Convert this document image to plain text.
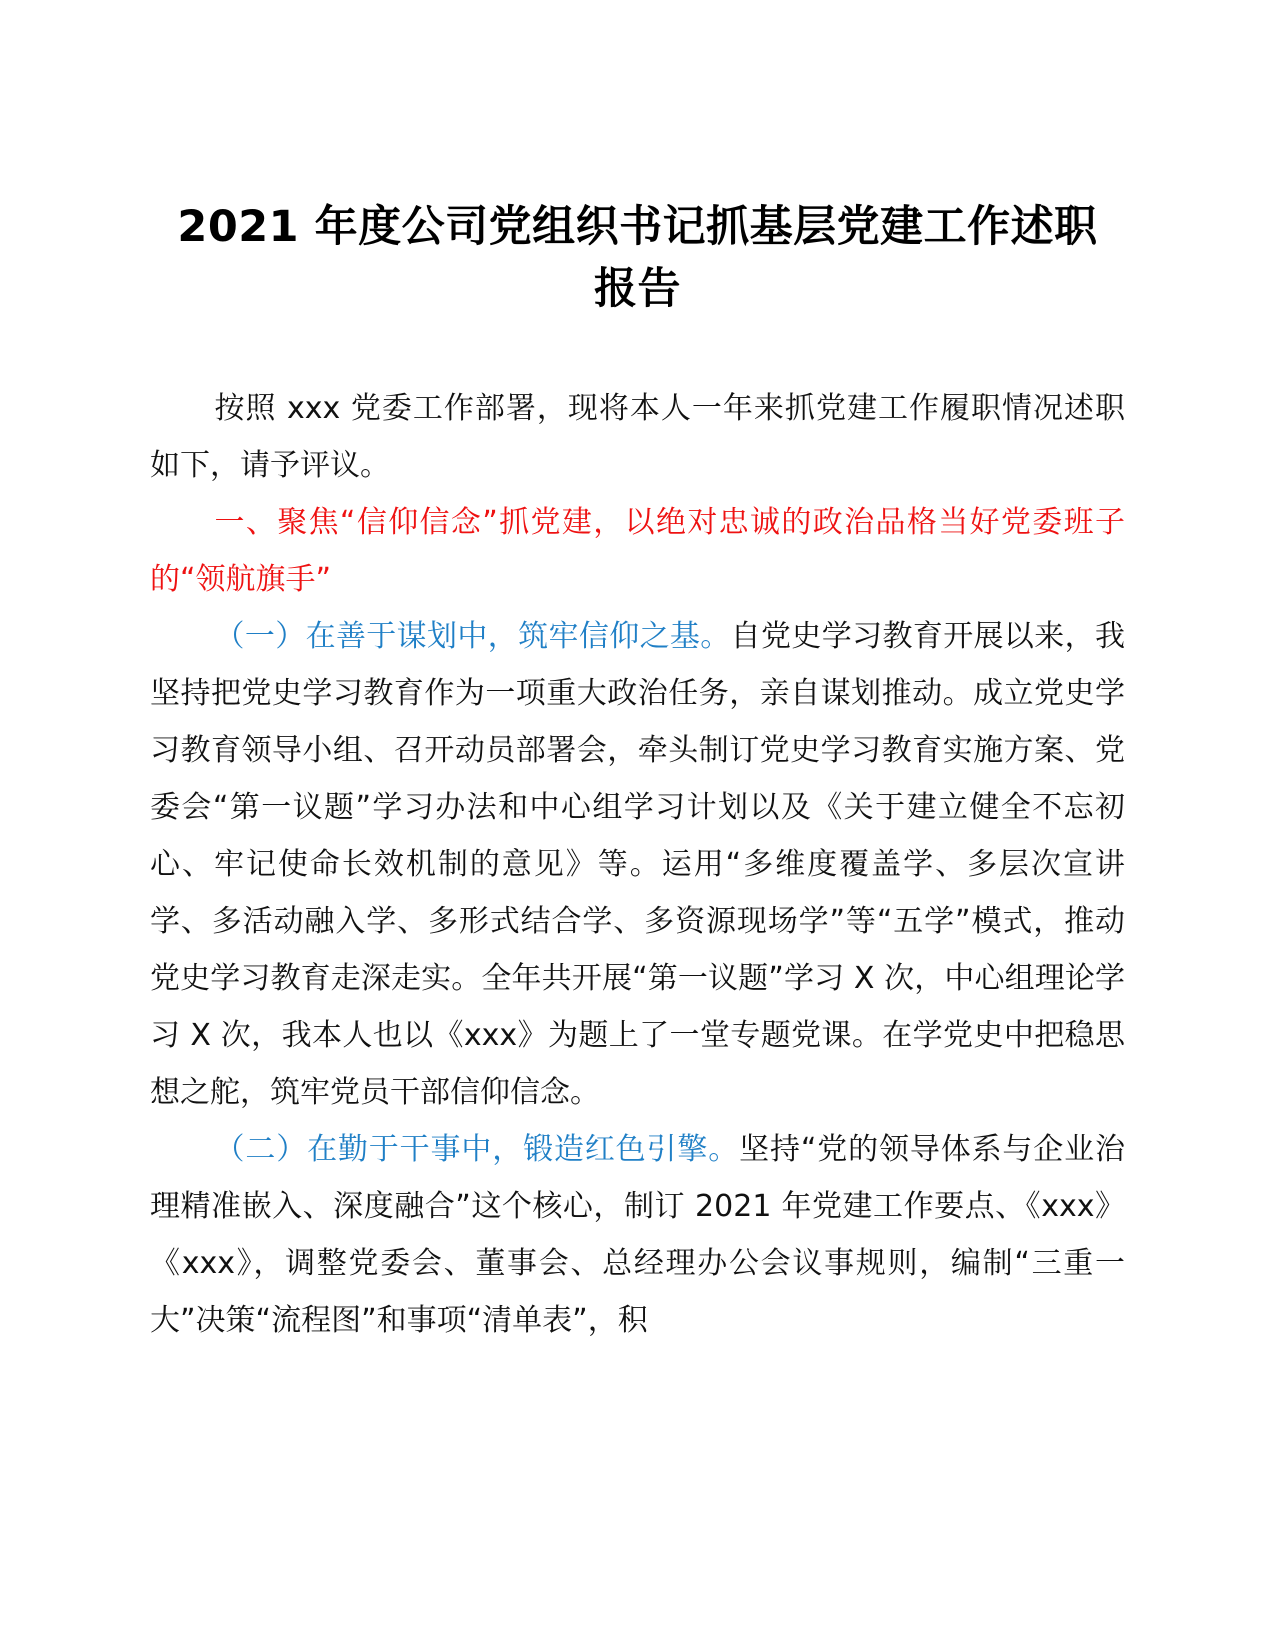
2021 年度公司党组织书记抓基层党建工作述职
报告

按照 xxx 党委工作部署，现将本人一年来抓党建工作履职情况述职如下，请予评议。

一、聚焦“信仰信念”抓党建，以绝对忠诚的政治品格当好党委班子的“领航旗手”

（一）在善于谋划中，筑牢信仰之基。自党史学习教育开展以来，我坚持把党史学习教育作为一项重大政治任务，亲自谋划推动。成立党史学习教育领导小组、召开动员部署会，牵头制订党史学习教育实施方案、党委会“第一议题”学习办法和中心组学习计划以及《关于建立健全不忘初心、牢记使命长效机制的意见》等。运用“多维度覆盖学、多层次宣讲学、多活动融入学、多形式结合学、多资源现场学”等“五学”模式，推动党史学习教育走深走实。全年共开展“第一议题”学习 X 次，中心组理论学习 X 次，我本人也以《xxx》为题上了一堂专题党课。在学党史中把稳思想之舵，筑牢党员干部信仰信念。

（二）在勤于干事中，锻造红色引擎。坚持“党的领导体系与企业治理精准嵌入、深度融合”这个核心，制订 2021 年党建工作要点、《xxx》《xxx》，调整党委会、董事会、总经理办公会议事规则，编制“三重一大”决策“流程图”和事项“清单表”，积
